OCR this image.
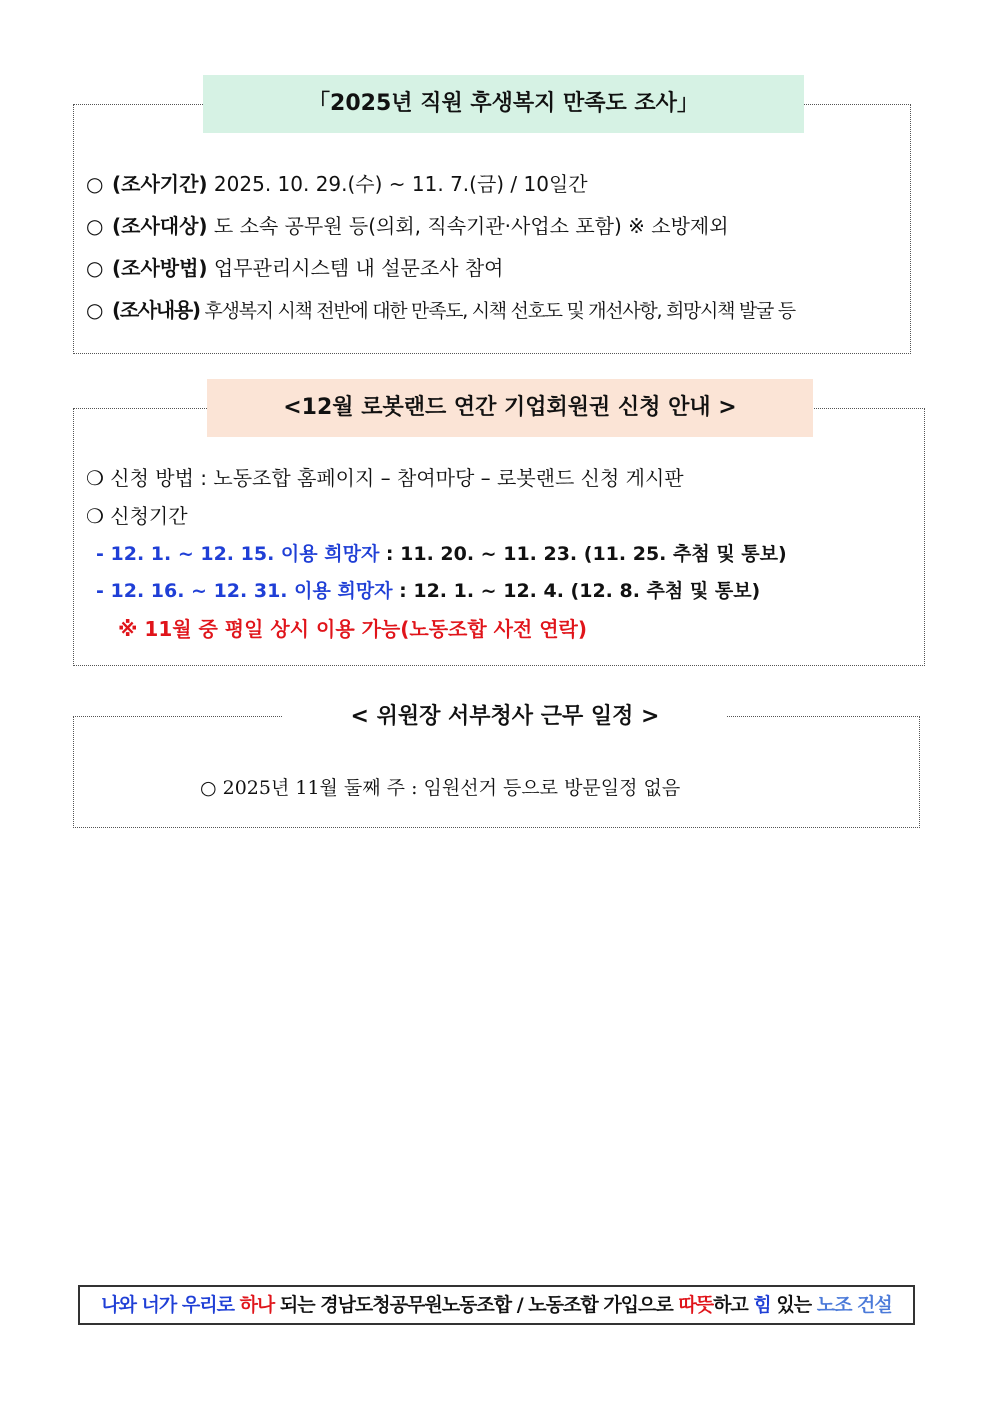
「2025년 직원 후생복지 만족도 조사」
○ (조사기간) 2025. 10. 29.(수) ~ 11. 7.(금) / 10일간
○ (조사대상) 도 소속 공무원 등(의회, 직속기관·사업소 포함) ※ 소방제외
○ (조사방법) 업무관리시스템 내 설문조사 참여
○ (조사내용) 후생복지 시책 전반에 대한 만족도, 시책 선호도 및 개선사항, 희망시책 발굴 등
<12월 로봇랜드 연간 기업회원권 신청 안내 >
❍ 신청 방법 : 노동조합 홈페이지 – 참여마당 – 로봇랜드 신청 게시판
❍ 신청기간
- 12. 1. ~ 12. 15. 이용 희망자 : 11. 20. ~ 11. 23. (11. 25. 추첨 및 통보)
- 12. 16. ~ 12. 31. 이용 희망자 : 12. 1. ~ 12. 4. (12. 8. 추첨 및 통보)
※ 11월 중 평일 상시 이용 가능(노동조합 사전 연락)
< 위원장 서부청사 근무 일정 >
○ 2025년 11월 둘째 주 : 임원선거 등으로 방문일정 없음
나와 너가 우리로 하나 되는 경남도청공무원노동조합 / 노동조합 가입으로 따뜻하고 힘 있는 노조 건설
